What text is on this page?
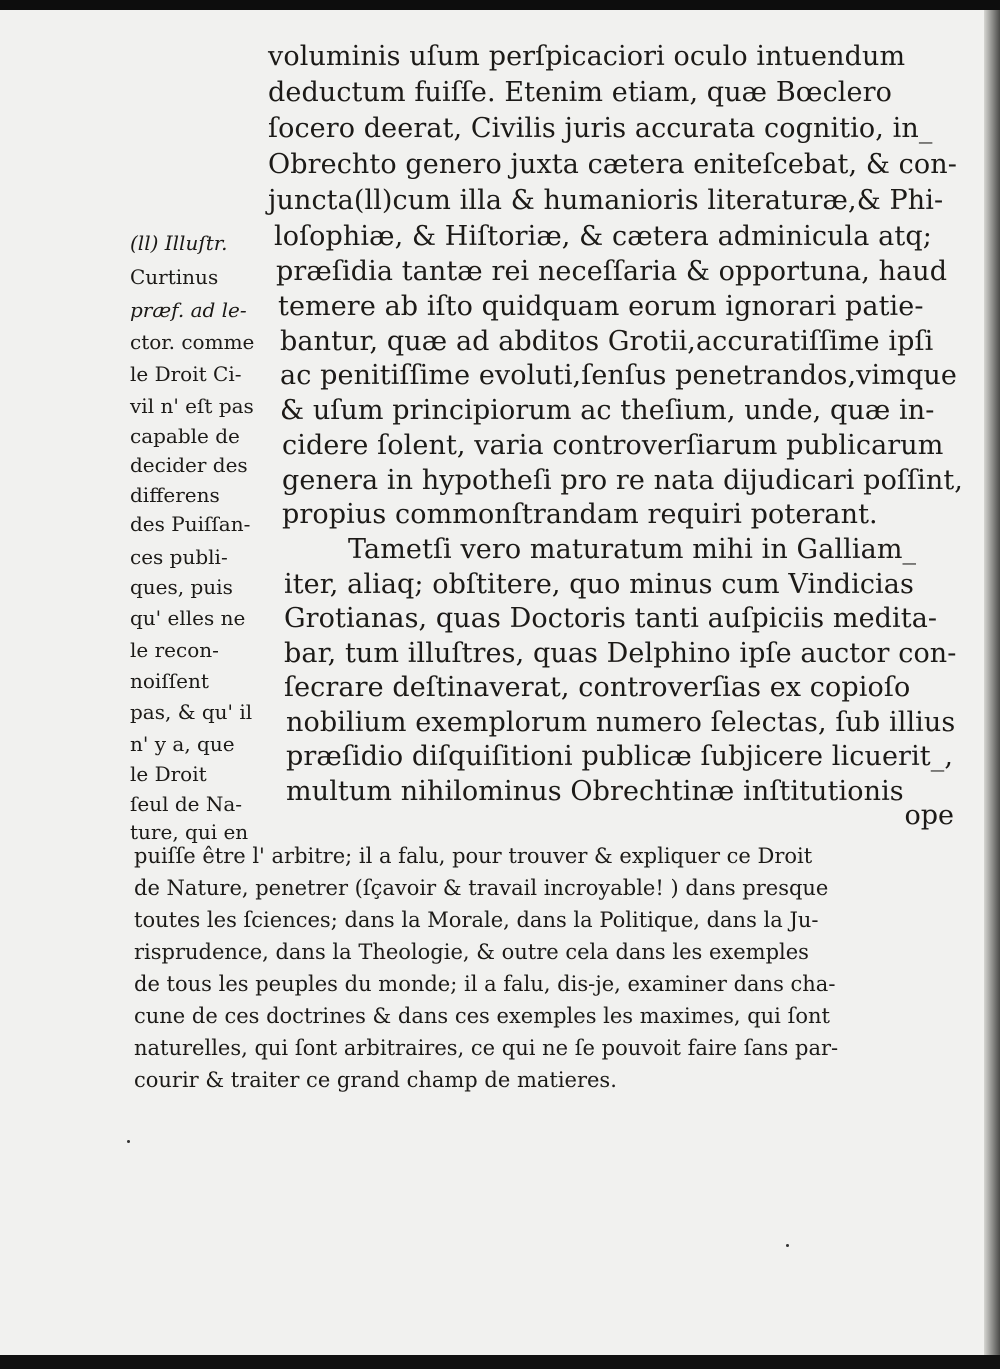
voluminis uſum perſpicaciori oculo intuendum
deductum fuiſſe. Etenim etiam, quæ Bœclero
ſocero deerat, Civilis juris accurata cognitio, in_
Obrechto genero juxta cætera eniteſcebat, & con-
juncta(ll)cum illa & humanioris literaturæ,& Phi-
loſophiæ, & Hiſtoriæ, & cætera adminicula atq;
præſidia tantæ rei neceſſaria & opportuna, haud
temere ab iſto quidquam eorum ignorari patie-
bantur, quæ ad abditos Grotii,accuratiſſime ipſi
ac penitiſſime evoluti,ſenſus penetrandos,vimque
& uſum principiorum ac theſium, unde, quæ in-
cidere ſolent, varia controverſiarum publicarum
genera in hypotheſi pro re nata dijudicari poſſint,
propius commonſtrandam requiri poterant.
Tametſi vero maturatum mihi in Galliam_
iter, aliaq; obſtitere, quo minus cum Vindicias
Grotianas, quas Doctoris tanti auſpiciis medita-
bar, tum illuſtres, quas Delphino ipſe auctor con-
ſecrare deſtinaverat, controverſias ex copioſo
nobilium exemplorum numero ſelectas, ſub illius
præſidio diſquiſitioni publicæ ſubjicere licuerit_,
multum nihilominus Obrechtinæ inſtitutionis
ope
(ll) Illuſtr.
Curtinus
præf. ad le-
ctor. comme
le Droit Ci-
vil n' eſt pas
capable de
decider des
differens
des Puiſſan-
ces publi-
ques, puis
qu' elles ne
le recon-
noiſſent
pas, & qu' il
n' y a, que
le Droit
ſeul de Na-
ture, qui en
puiſſe être l' arbitre; il a falu, pour trouver & expliquer ce Droit
de Nature, penetrer (ſçavoir & travail incroyable! ) dans presque
toutes les ſciences; dans la Morale, dans la Politique, dans la Ju-
risprudence, dans la Theologie, & outre cela dans les exemples
de tous les peuples du monde; il a falu, dis-je, examiner dans cha-
cune de ces doctrines & dans ces exemples les maximes, qui ſont
naturelles, qui ſont arbitraires, ce qui ne ſe pouvoit faire ſans par-
courir & traiter ce grand champ de matieres.
